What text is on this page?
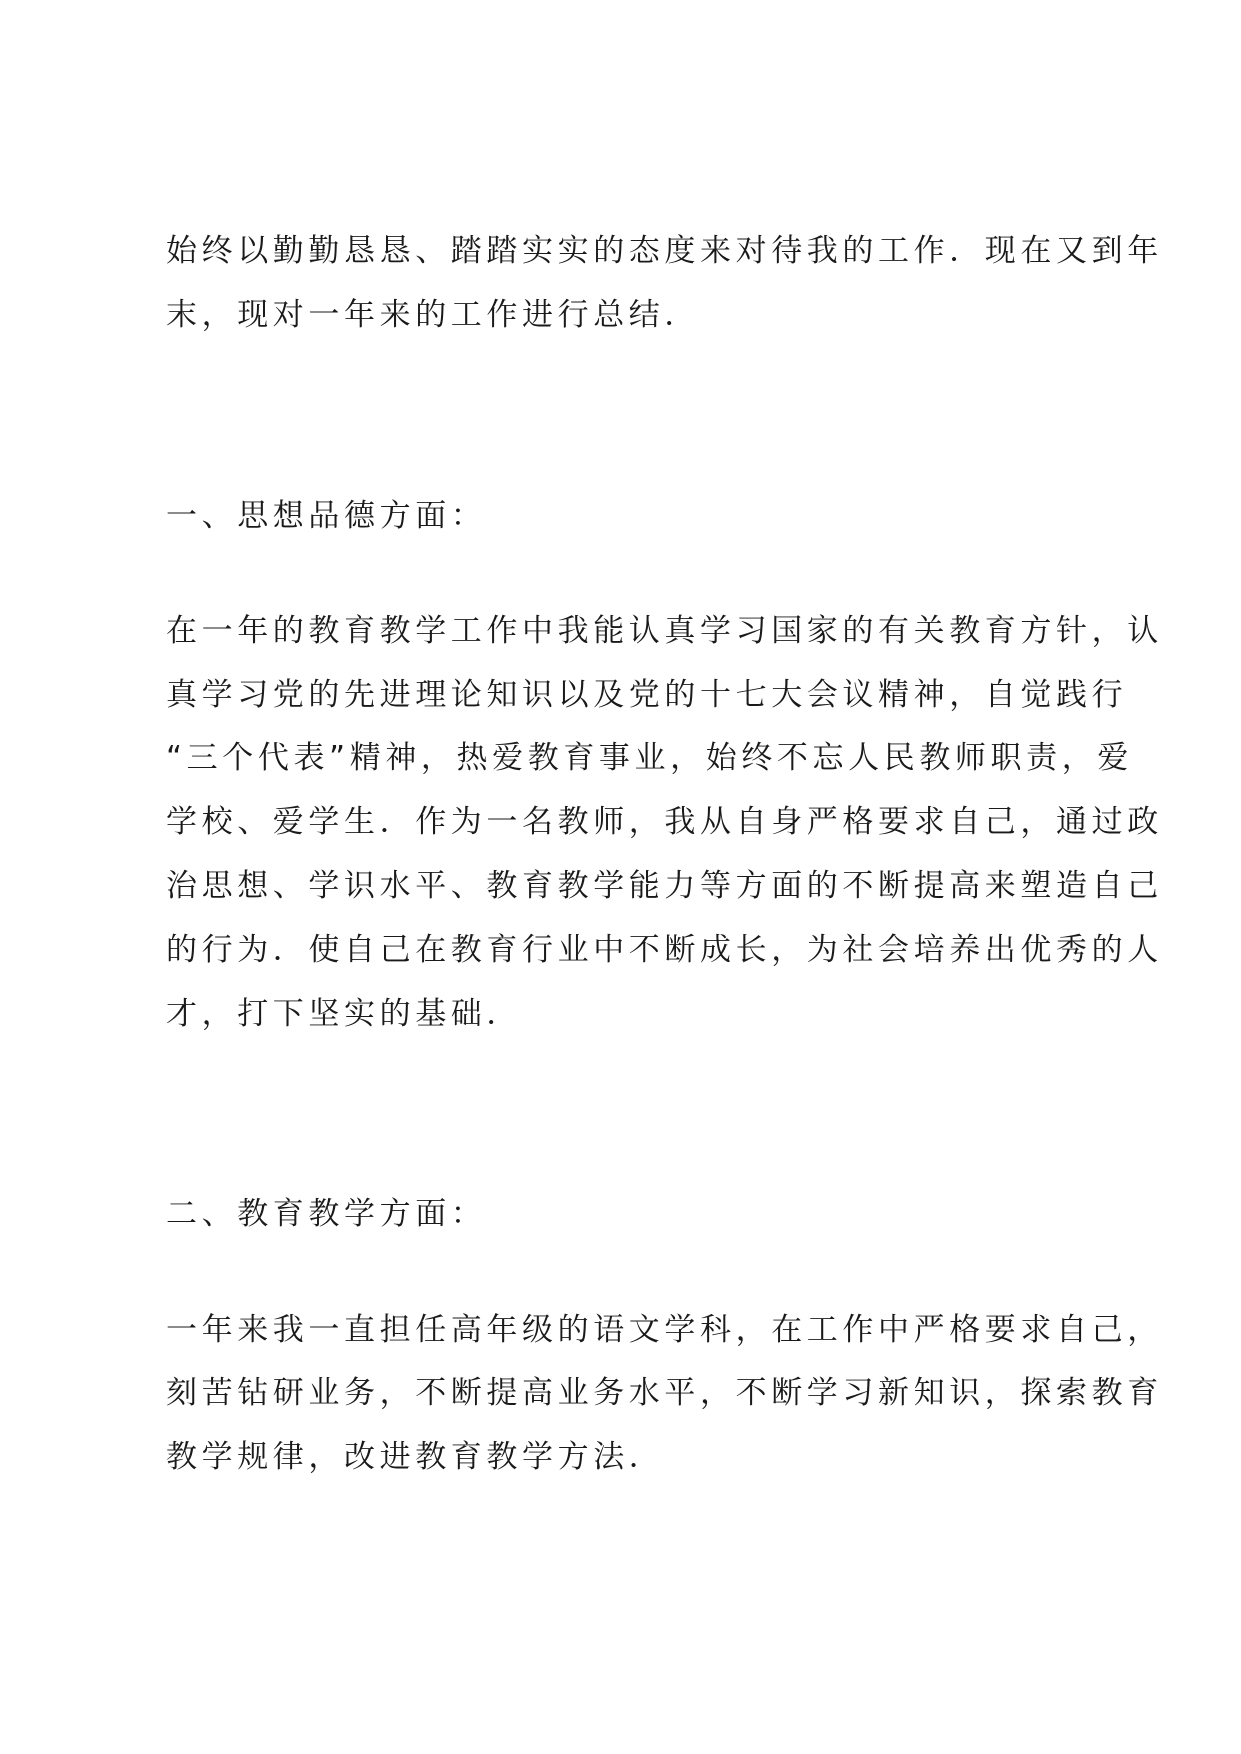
始终以勤勤恳恳、踏踏实实的态度来对待我的工作．现在又到年
末，现对一年来的工作进行总结．
一、思想品德方面：
在一年的教育教学工作中我能认真学习国家的有关教育方针，认
真学习党的先进理论知识以及党的十七大会议精神，自觉践行
“三个代表”精神，热爱教育事业，始终不忘人民教师职责，爱
学校、爱学生．作为一名教师，我从自身严格要求自己，通过政
治思想、学识水平、教育教学能力等方面的不断提高来塑造自己
的行为．使自己在教育行业中不断成长，为社会培养出优秀的人
才，打下坚实的基础．
二、教育教学方面：
一年来我一直担任高年级的语文学科，在工作中严格要求自己，
刻苦钻研业务，不断提高业务水平，不断学习新知识，探索教育
教学规律，改进教育教学方法．
